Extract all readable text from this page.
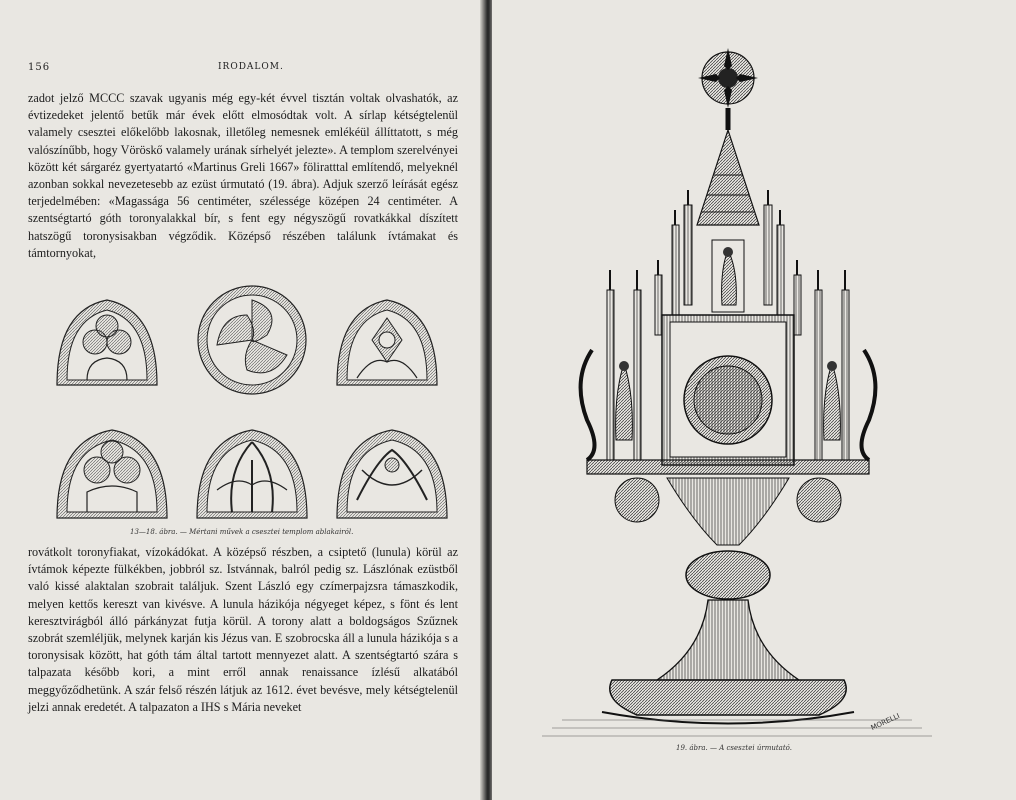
156	IRODALOM.

zadot jelző MCCC szavak ugyanis még egy-két évvel tisztán voltak olvashatók, az évtizedeket jelentő betűk már évek előtt elmosódtak volt. A sírlap kétségtelenül valamely csesztei előkelőbb lakosnak, illetőleg nemesnek emlékéül állíttatott, s még valószínűbb, hogy Vöröskő valamely urának sírhelyét jelezte». A templom szerelvényei között két sárgaréz gyertyatartó «Martinus Greli 1667» föliratttal említendő, melyeknél azonban sokkal nevezetesebb az ezüst úrmutató (19. ábra). Adjuk szerző leírását egész terjedelmében: «Magassága 56 centiméter, szélessége középen 24 centiméter. A szentségtartó góth toronyalakkal bír, s fent egy négyszögű rovatkákkal díszített hatszögű toronysisakban végződik. Középső részében találunk ívtámakat és támtornyokat,

13—18. ábra. — Mértani művek a csesztei templom ablakairól.

rovátkolt toronyfiakat, vízokádókat. A középső részben, a csiptető (lunula) körül az ívtámok képezte fülkékben, jobbról sz. Istvánnak, balról pedig sz. Lászlónak ezüstből való kissé alaktalan szobrait találjuk. Szent László egy czímerpajzsra támaszkodik, melyen kettős kereszt van kivésve. A lunula házikója négyeget képez, s fönt és lent keresztvirágból álló párkányzat futja körül. A torony alatt a boldogságos Szűznek szobrát szemléljük, melynek karján kis Jézus van. E szobrocska áll a lunula házikója s a toronysisak között, hat góth tám által tartott mennyezet alatt. A szentségtartó szára s talpazata később kori, a mint erről annak renaissance ízlésű alkatából meggyőződhetünk. A szár felső részén látjuk az 1612. évet bevésve, mely kétségtelenül jelzi annak eredetét. A talpazaton a IHS s Mária neveket

MORELLI
19. ábra. — A csesztei úrmutató.
